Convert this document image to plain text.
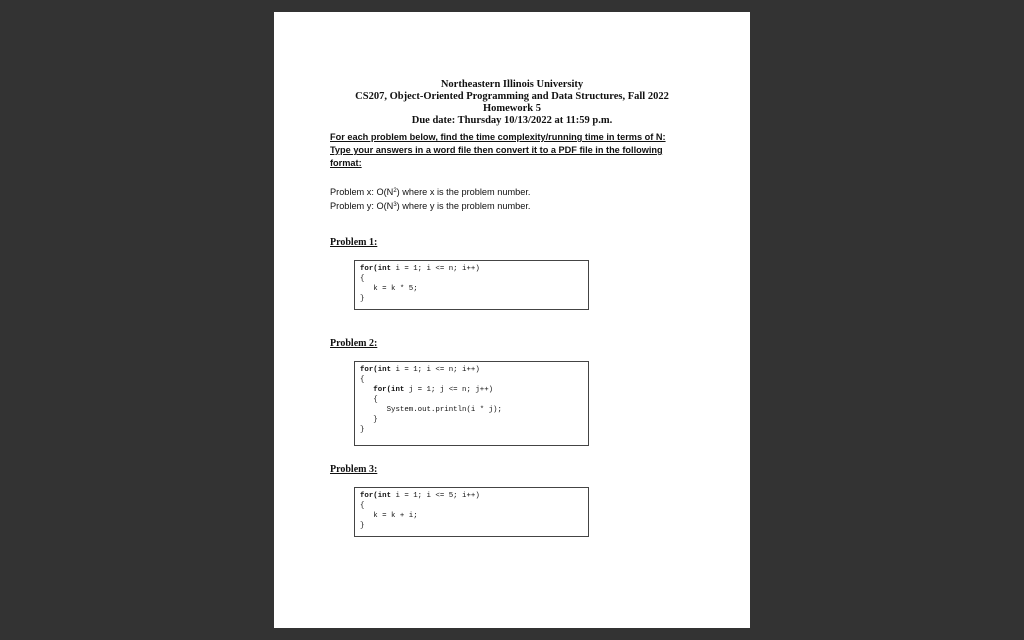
Northeastern Illinois University
CS207, Object-Oriented Programming and Data Structures, Fall 2022
Homework 5
Due date: Thursday 10/13/2022 at 11:59 p.m.
For each problem below, find the time complexity/running time in terms of N:
Type your answers in a word file then convert it to a PDF file in the following
format:
Problem x: $O(N^2)$ where x is the problem number.
Problem y: $O(N^3)$ where y is the problem number.
Problem 1:
for(int i = 1; i <= n; i++)
{
k = k * 5;
}
Problem 2:
for(int i = 1; i <= n; i++)
{
for(int j = 1; j <= n; j++)
{
System.out.println(i * j);
}
}
Problem 3:
for(int i = 1; i <= 5; i++)
{
k = k + i;
}
